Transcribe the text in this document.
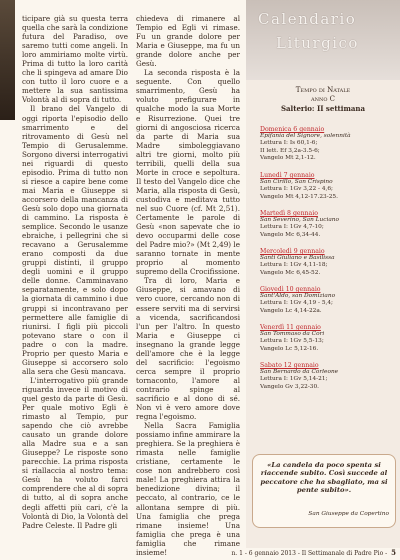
ticipare già su questa terra quella che sarà la condizione futura del Paradiso, ove saremo tutti come angeli. In loro ammiriamo molte virtù. Prima di tutto la loro carità che li spingeva ad amare Dio con tutto il loro cuore e a mettere la sua santissima Volontà al di sopra di tutto.

Il brano del Vangelo di oggi riporta l'episodio dello smarrimento e del ritrovamento di Gesù nel Tempio di Gerusalemme. Sorgono diversi interrogativi nei riguardi di questo episodio. Prima di tutto non si riesce a capire bene come mai Maria e Giuseppe si accorsero della mancanza di Gesù solo dopo una giornata di cammino. La risposta è semplice. Secondo le usanze ebraiche, i pellegrini che si recavano a Gerusalemme erano composti da due gruppi distinti, il gruppo degli uomini e il gruppo delle donne. Camminavano separatamente, e solo dopo la giornata di cammino i due gruppi si incontravano per permettere alle famiglie di riunirsi. I figli più piccoli potevano stare o con il padre o con la madre. Proprio per questo Maria e Giuseppe si accorsero solo alla sera che Gesù mancava.

L'interrogativo più grande riguarda invece il motivo di quel gesto da parte di Gesù. Per quale motivo Egli è rimasto al Tempio, pur sapendo che ciò avrebbe causato un grande dolore alla Madre sua e a san Giuseppe? Le risposte sono parecchie. La prima risposta si riallaccia al nostro tema: Gesù ha voluto farci comprendere che al di sopra di tutto, al di sopra anche degli affetti più cari, c'è la Volontà di Dio, la Volontà del Padre Celeste. Il Padre gli

chiedeva di rimanere al Tempio ed Egli vi rimase. Fu un grande dolore per Maria e Giuseppe, ma fu un grande dolore anche per Gesù.

La seconda risposta è la seguente. Con quello smarrimento, Gesù ha voluto prefigurare in qualche modo la sua Morte e Risurrezione. Quei tre giorni di angosciosa ricerca da parte di Maria sua Madre simboleggiavano altri tre giorni, molto più terribili, quelli della sua Morte in croce e sepoltura. Il testo del Vangelo dice che Maria, alla risposta di Gesù, custodiva e meditava tutto nel suo Cuore (cf. Mt 2,51). Certamente le parole di Gesù «non sapevate che io devo occuparmi delle cose del Padre mio?» (Mt 2,49) le saranno tornate in mente proprio al momento supremo della Crocifissione.

Tra di loro, Maria e Giuseppe, si amavano di vero cuore, cercando non di essere serviti ma di servirsi a vicenda, sacrificandosi l'un per l'altro. In questo Maria e Giuseppe ci insegnano la grande legge dell'amore che è la legge del sacrificio: l'egoismo cerca sempre il proprio tornaconto, l'amore al contrario spinge al sacrificio e al dono di sé. Non vi è vero amore dove regna l'egoismo.

Nella Sacra Famiglia possiamo infine ammirare la preghiera. Se la preghiera è rimasta nelle famiglie cristiane, certamente le cose non andrebbero così male! La preghiera attira la benedizione divina; il peccato, al contrario, ce le allontana sempre di più. Una famiglia che prega rimane insieme! Una famiglia che prega è una famiglia che rimane insieme!

Calendario
Liturgico
Tempo di Natale
anno C
Salterio: II settimana
Domenica 6 gennaio
Epifania del Signore, solennità
Lettura I: Is 60,1-6;
II lett. Ef 3,2a-3.5-6;
Vangelo Mt 2,1-12.
Lunedì 7 gennaio
San Cirillo, San Crispino
Lettura I: 1Gv 3,22 - 4,6;
Vangelo Mt 4,12-17.23-25.
Martedì 8 gennaio
San Severino, San Luciano
Lettura I: 1Gv 4,7-10;
Vangelo Mc 6,34-44.
Mercoledì 9 gennaio
Santi Giuliano e Basilissa
Lettura I: 1Gv 4,11-18;
Vangelo Mc 6,45-52.
Giovedì 10 gennaio
Sant'Aldo, san Domiziano
Lettura I: 1Gv 4,19 - 5,4;
Vangelo Lc 4,14-22a.
Venerdì 11 gennaio
San Tommaso da Cori
Lettura I: 1Gv 5,5-13;
Vangelo Lc 5,12-16.
Sabato 12 gennaio
San Bernardo da Corleone
Lettura I: 1Gv 5,14-21;
Vangelo Gv 3,22-30.
«La candela da poco spenta si riaccende subito. Così succede al peccatore che ha sbagliato, ma si pente subito».
San Giuseppe da Copertino
n. 1 - 6 gennaio 2013 - Il Settimanale di Padre Pio - 5
